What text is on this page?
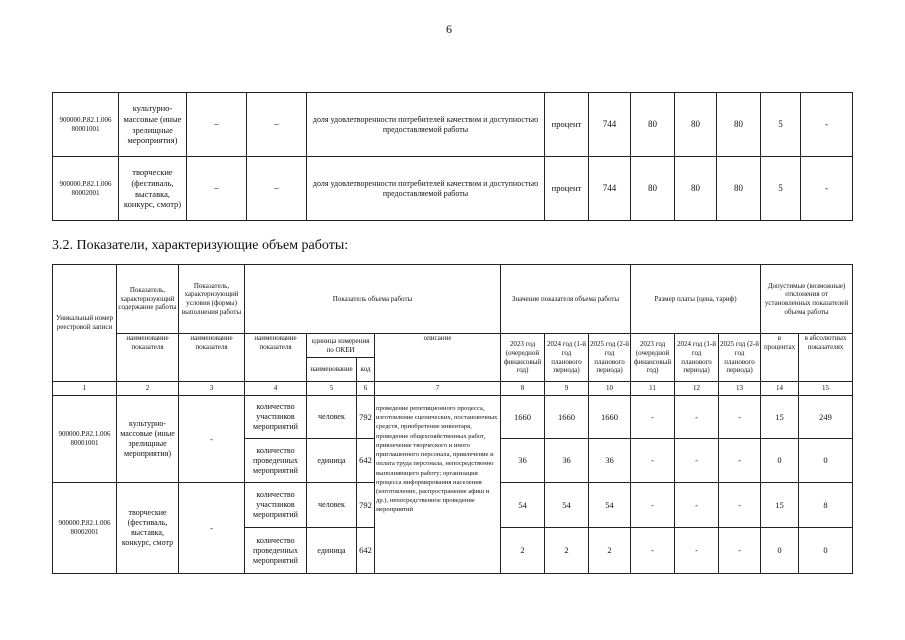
6
900000.Р.82.1.006 80001001	культурно-массовые (иные зрелищные мероприятия)	–	–	доля удовлетворенности потребителей качеством и доступностью предоставляемой работы	процент	744	80	80	80	5	-
900000.Р.82.1.006 80002001	творческие (фестиваль, выставка, конкурс, смотр)	–	–	доля удовлетворенности потребителей качеством и доступностью предоставляемой работы	процент	744	80	80	80	5	-
3.2. Показатели, характеризующие объем работы:
Уникальный номер реестровой записи	Показатель, характеризующий содержание работы	Показатель, характеризующий условия (формы) выполнения работы	Показатель объема работы				Значение показателя объема работы			Размер платы (цена, тариф)			Допустимые (возможные) отклонения от установленных показателей объема работы	
	наименование показателя	наименование показателя	наименование показателя	единица измерения по ОКЕИ		описание	2023 год (очередной финансовый год)	2024 год (1-й год планового периода)	2025 год (2-й год планового периода)	2023 год (очередной финансовый год)	2024 год (1-й год планового периода)	2025 год (2-й год планового периода)	в процентах	в абсолютных показателях
				наименование	код									
1	2	3	4	5	6	7	8	9	10	11	12	13	14	15
900000.Р.82.1.006 80001001	культурно-массовые (иные зрелищные мероприятия)	-	количество участников мероприятий	человек	792	проведение репетиционного процесса, изготовление сценических, постановочных средств, приобретение инвентаря, проведение общехозяйственных работ, привлечение творческого и иного приглашенного персонала, привлечение и оплата труда персонала, непосредственно выполняющего работу; организация процесса информирования населения (изготовление, распространение афиш и др.), непосредственное проведение мероприятий	1660	1660	1660	-	-	-	15	249
			количество проведенных мероприятий	единица	642		36	36	36	-	-	-	0	0
900000.Р.82.1.006 80002001	творческие (фестиваль, выставка, конкурс, смотр	-	количество участников мероприятий	человек	792		54	54	54	-	-	-	15	8
			количество проведенных мероприятий	единица	642		2	2	2	-	-	-	0	0
